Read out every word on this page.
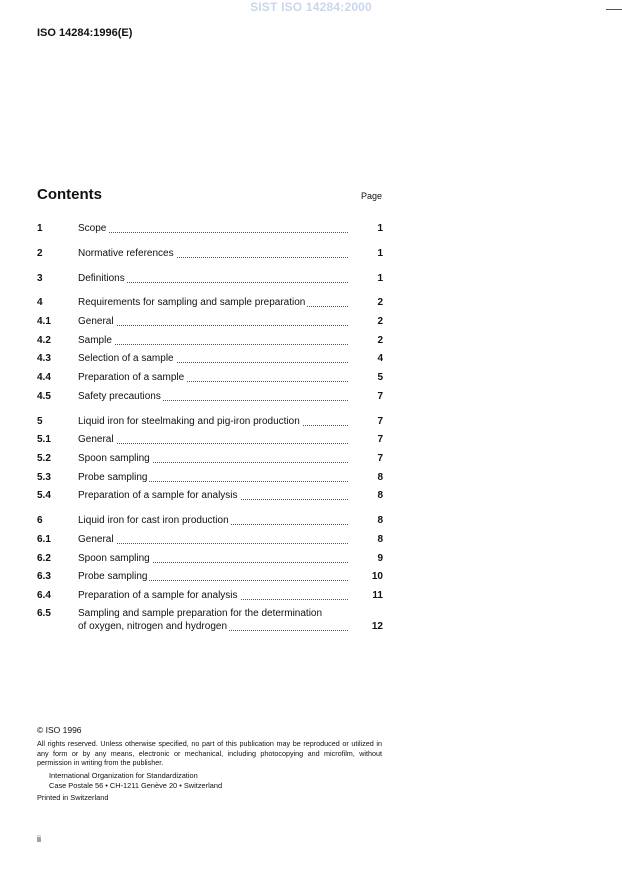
SIST ISO 14284:2000
ISO 14284:1996(E)
Contents	Page
1	Scope	1
2	Normative references	1
3	Definitions	1
4	Requirements for sampling and sample preparation	2
4.1	General	2
4.2	Sample	2
4.3	Selection of a sample	4
4.4	Preparation of a sample	5
4.5	Safety precautions	7
5	Liquid iron for steelmaking and pig-iron production	7
5.1	General	7
5.2	Spoon sampling	7
5.3	Probe sampling	8
5.4	Preparation of a sample for analysis	8
6	Liquid iron for cast iron production	8
6.1	General	8
6.2	Spoon sampling	9
6.3	Probe sampling	10
6.4	Preparation of a sample for analysis	11
6.5	Sampling and sample preparation for the determination
of oxygen, nitrogen and hydrogen	12
© ISO 1996
All rights reserved. Unless otherwise specified, no part of this publication may be reproduced or utilized in any form or by any means, electronic or mechanical, including photocopying and microfilm, without permission in writing from the publisher.
International Organization for Standardization
Case Postale 56 • CH-1211 Genève 20 • Switzerland
Printed in Switzerland
ii
